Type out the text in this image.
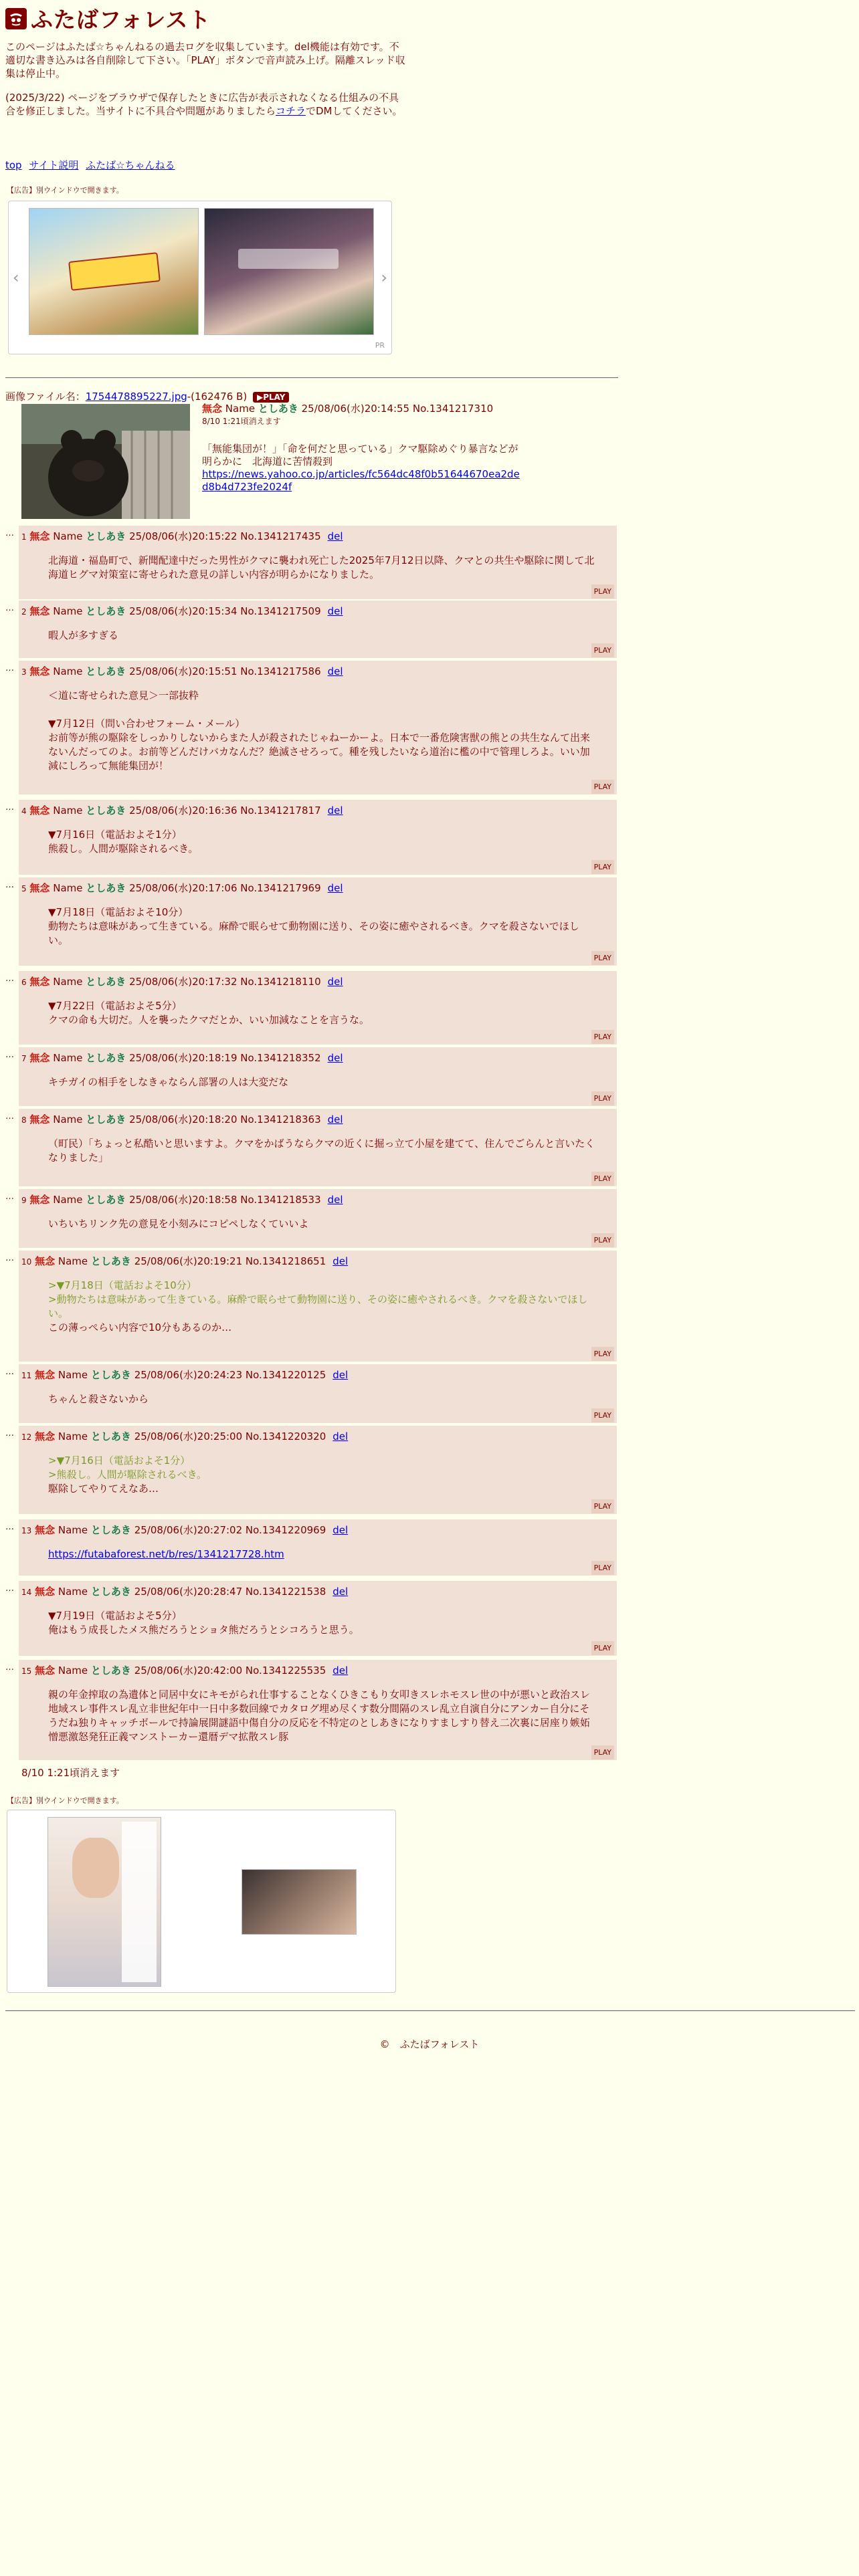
ふたばフォレスト

このページはふたば☆ちゃんねるの過去ログを収集しています。del機能は有効です。不適切な書き込みは各自削除して下さい。「PLAY」ボタンで音声読み上げ。隔離スレッド収集は停止中。

(2025/3/22) ページをブラウザで保存したときに広告が表示されなくなる仕組みの不具合を修正しました。当サイトに不具合や問題がありましたらコチラでDMしてください。

top サイト説明 ふたば☆ちゃんねる
【広告】別ウインドウで開きます。
‹	›
PR
画像ファイル名：1754478895227.jpg-(162476 B) ▶PLAY
無念 Name としあき 25/08/06(水)20:14:55 No.1341217310
8/10 1:21頃消えます
「無能集団が！」「命を何だと思っている」クマ駆除めぐり暴言などが明らかに　北海道に苦情殺到
https://news.yahoo.co.jp/articles/fc564dc48f0b51644670ea2ded8b4d723fe2024f
… 1 無念 Name としあき 25/08/06(水)20:15:22 No.1341217435 del
北海道・福島町で、新聞配達中だった男性がクマに襲われ死亡した2025年7月12日以降、クマとの共生や駆除に関して北海道ヒグマ対策室に寄せられた意見の詳しい内容が明らかになりました。
PLAY
… 2 無念 Name としあき 25/08/06(水)20:15:34 No.1341217509 del
暇人が多すぎる
PLAY
… 3 無念 Name としあき 25/08/06(水)20:15:51 No.1341217586 del
＜道に寄せられた意見＞一部抜粋
▼7月12日（問い合わせフォーム・メール）
お前等が熊の駆除をしっかりしないからまた人が殺されたじゃねーかーよ。日本で一番危険害獣の熊との共生なんて出来ないんだってのよ。お前等どんだけバカなんだ？絶滅させろって。種を残したいなら道治に檻の中で管理しろよ。いい加減にしろって無能集団が！
PLAY
… 4 無念 Name としあき 25/08/06(水)20:16:36 No.1341217817 del
▼7月16日（電話およそ1分）
熊殺し。人間が駆除されるべき。
PLAY
… 5 無念 Name としあき 25/08/06(水)20:17:06 No.1341217969 del
▼7月18日（電話およそ10分）
動物たちは意味があって生きている。麻酔で眠らせて動物園に送り、その姿に癒やされるべき。クマを殺さないでほしい。
PLAY
… 6 無念 Name としあき 25/08/06(水)20:17:32 No.1341218110 del
▼7月22日（電話およそ5分）
クマの命も大切だ。人を襲ったクマだとか、いい加減なことを言うな。
PLAY
… 7 無念 Name としあき 25/08/06(水)20:18:19 No.1341218352 del
キチガイの相手をしなきゃならん部署の人は大変だな
PLAY
… 8 無念 Name としあき 25/08/06(水)20:18:20 No.1341218363 del
（町民）「ちょっと私酷いと思いますよ。クマをかばうならクマの近くに掘っ立て小屋を建てて、住んでごらんと言いたくなりました」
PLAY
… 9 無念 Name としあき 25/08/06(水)20:18:58 No.1341218533 del
いちいちリンク先の意見を小刻みにコピペしなくていいよ
PLAY
… 10 無念 Name としあき 25/08/06(水)20:19:21 No.1341218651 del
>▼7月18日（電話およそ10分）
>動物たちは意味があって生きている。麻酔で眠らせて動物園に送り、その姿に癒やされるべき。クマを殺さないでほしい。
この薄っぺらい内容で10分もあるのか…
PLAY
… 11 無念 Name としあき 25/08/06(水)20:24:23 No.1341220125 del
ちゃんと殺さないから
PLAY
… 12 無念 Name としあき 25/08/06(水)20:25:00 No.1341220320 del
>▼7月16日（電話およそ1分）
>熊殺し。人間が駆除されるべき。
駆除してやりてえなあ…
PLAY
… 13 無念 Name としあき 25/08/06(水)20:27:02 No.1341220969 del
https://futabaforest.net/b/res/1341217728.htm
PLAY
… 14 無念 Name としあき 25/08/06(水)20:28:47 No.1341221538 del
▼7月19日（電話およそ5分）
俺はもう成長したメス熊だろうとショタ熊だろうとシコろうと思う。
PLAY
… 15 無念 Name としあき 25/08/06(水)20:42:00 No.1341225535 del
親の年金搾取の為遺体と同居中女にキモがられ仕事することなくひきこもり女叩きスレホモスレ世の中が悪いと政治スレ地域スレ事件スレ乱立非世紀年中一日中多数回線でカタログ埋め尽くす数分間隔のスレ乱立自演自分にアンカー自分にそうだね独りキャッチボールで持論展開謎語中傷自分の反応を不特定のとしあきになりすましすり替え二次裏に居座り嫉妬憎悪激怒発狂正義マンストーカー還暦デマ拡散スレ豚
PLAY
8/10 1:21頃消えます
【広告】別ウインドウで開きます。
©　ふたばフォレスト
